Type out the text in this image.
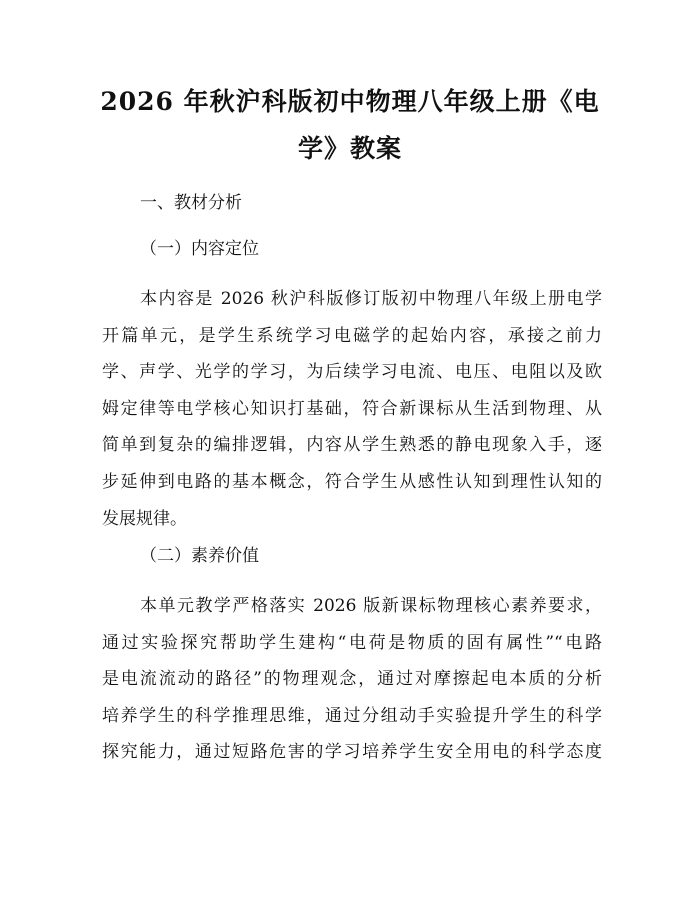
2026 年秋沪科版初中物理八年级上册《电
学》教案

一、教材分析

（一）内容定位

本内容是 2026 秋沪科版修订版初中物理八年级上册电学
开篇单元，是学生系统学习电磁学的起始内容，承接之前力
学、声学、光学的学习，为后续学习电流、电压、电阻以及欧
姆定律等电学核心知识打基础，符合新课标从生活到物理、从
简单到复杂的编排逻辑，内容从学生熟悉的静电现象入手，逐
步延伸到电路的基本概念，符合学生从感性认知到理性认知的
发展规律。

（二）素养价值

本单元教学严格落实 2026 版新课标物理核心素养要求，
通过实验探究帮助学生建构“电荷是物质的固有属性”“电路
是电流流动的路径”的物理观念，通过对摩擦起电本质的分析
培养学生的科学推理思维，通过分组动手实验提升学生的科学
探究能力，通过短路危害的学习培养学生安全用电的科学态度
